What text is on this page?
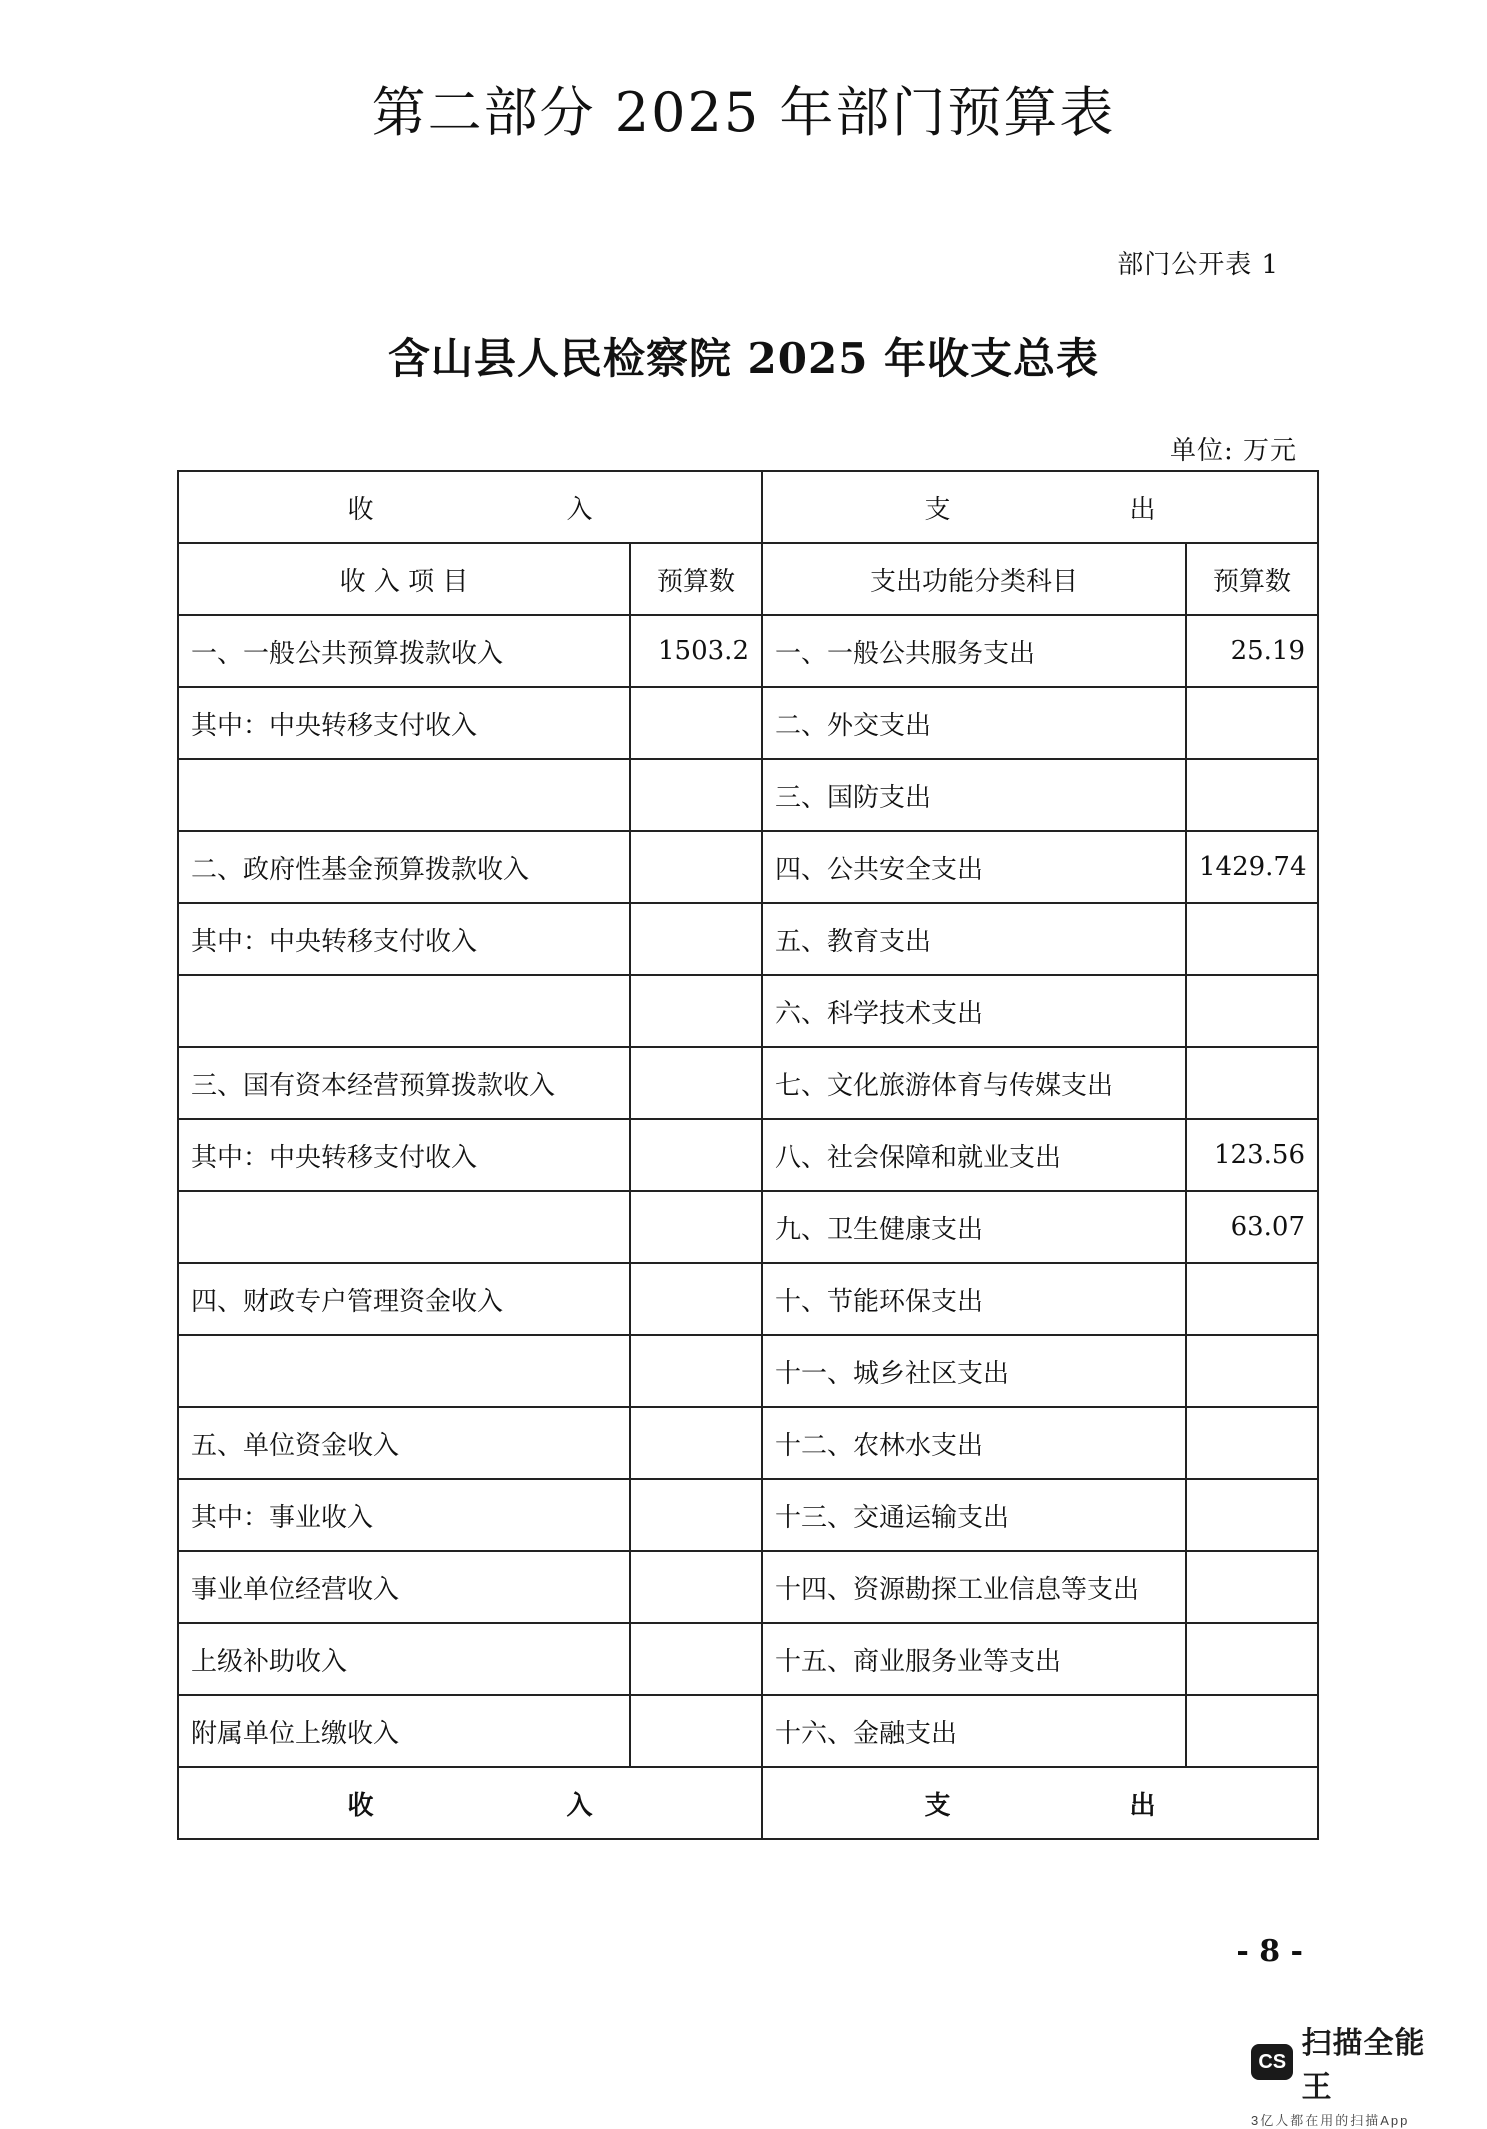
第二部分 2025 年部门预算表
部门公开表 1
含山县人民检察院 2025 年收支总表
单位: 万元
收 入		支 出	

收 入 项 目	预算数	支出功能分类科目	预算数
一、一般公共预算拨款收入	1503.2	一、一般公共服务支出	25.19
其中：中央转移支付收入		二、外交支出	
		三、国防支出	
二、政府性基金预算拨款收入		四、公共安全支出	1429.74
其中：中央转移支付收入		五、教育支出	
		六、科学技术支出	
三、国有资本经营预算拨款收入		七、文化旅游体育与传媒支出	
其中：中央转移支付收入		八、社会保障和就业支出	123.56
		九、卫生健康支出	63.07
四、财政专户管理资金收入		十、节能环保支出	
		十一、城乡社区支出	
五、单位资金收入		十二、农林水支出	
其中：事业收入		十三、交通运输支出	
事业单位经营收入		十四、资源勘探工业信息等支出	
上级补助收入		十五、商业服务业等支出	
附属单位上缴收入		十六、金融支出	

收 入		支 出	
- 8 -
CS
扫描全能王
3亿人都在用的扫描App
